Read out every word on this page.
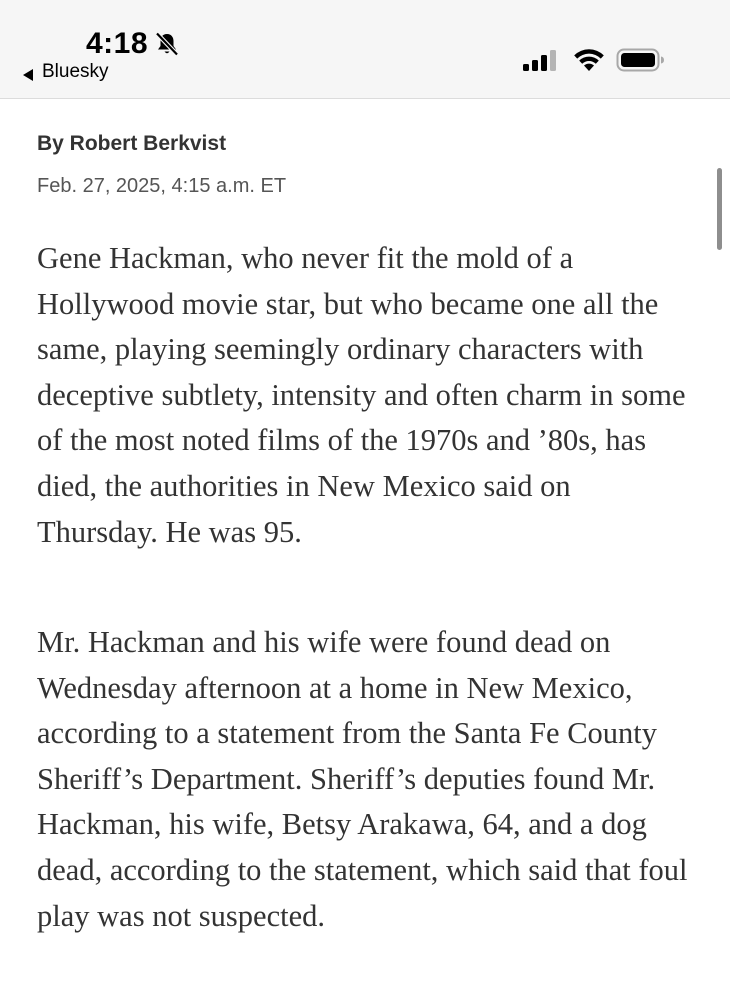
4:18
Bluesky
By Robert Berkvist
Feb. 27, 2025, 4:15 a.m. ET

Gene Hackman, who never fit the mold of a Hollywood movie star, but who became one all the same, playing seemingly ordinary characters with deceptive subtlety, intensity and often charm in some of the most noted films of the 1970s and ’80s, has died, the authorities in New Mexico said on Thursday. He was 95.

Mr. Hackman and his wife were found dead on Wednesday afternoon at a home in New Mexico, according to a statement from the Santa Fe County Sheriff’s Department. Sheriff’s deputies found Mr. Hackman, his wife, Betsy Arakawa, 64, and a dog dead, according to the statement, which said that foul play was not suspected.
